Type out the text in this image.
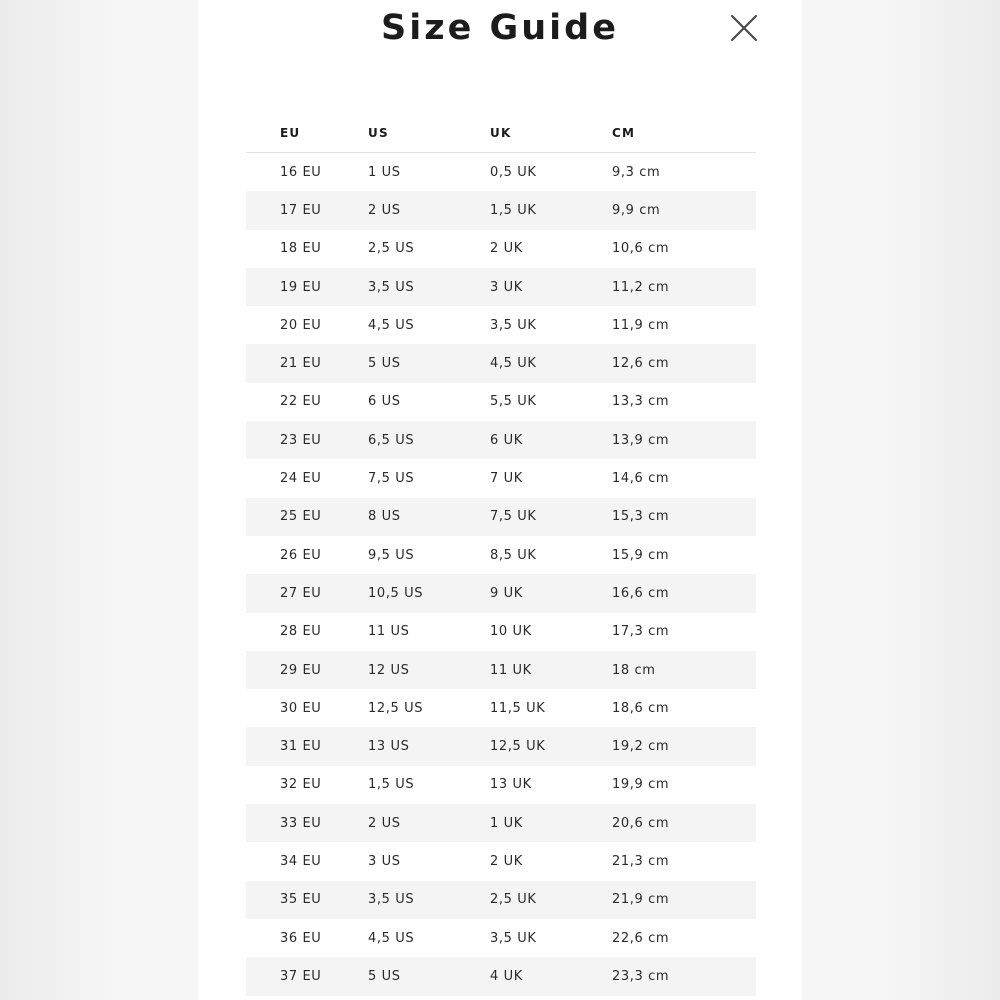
Size Guide
EU	US	UK	CM
16 EU	1 US	0,5 UK	9,3 cm
17 EU	2 US	1,5 UK	9,9 cm
18 EU	2,5 US	2 UK	10,6 cm
19 EU	3,5 US	3 UK	11,2 cm
20 EU	4,5 US	3,5 UK	11,9 cm
21 EU	5 US	4,5 UK	12,6 cm
22 EU	6 US	5,5 UK	13,3 cm
23 EU	6,5 US	6 UK	13,9 cm
24 EU	7,5 US	7 UK	14,6 cm
25 EU	8 US	7,5 UK	15,3 cm
26 EU	9,5 US	8,5 UK	15,9 cm
27 EU	10,5 US	9 UK	16,6 cm
28 EU	11 US	10 UK	17,3 cm
29 EU	12 US	11 UK	18 cm
30 EU	12,5 US	11,5 UK	18,6 cm
31 EU	13 US	12,5 UK	19,2 cm
32 EU	1,5 US	13 UK	19,9 cm
33 EU	2 US	1 UK	20,6 cm
34 EU	3 US	2 UK	21,3 cm
35 EU	3,5 US	2,5 UK	21,9 cm
36 EU	4,5 US	3,5 UK	22,6 cm
37 EU	5 US	4 UK	23,3 cm
